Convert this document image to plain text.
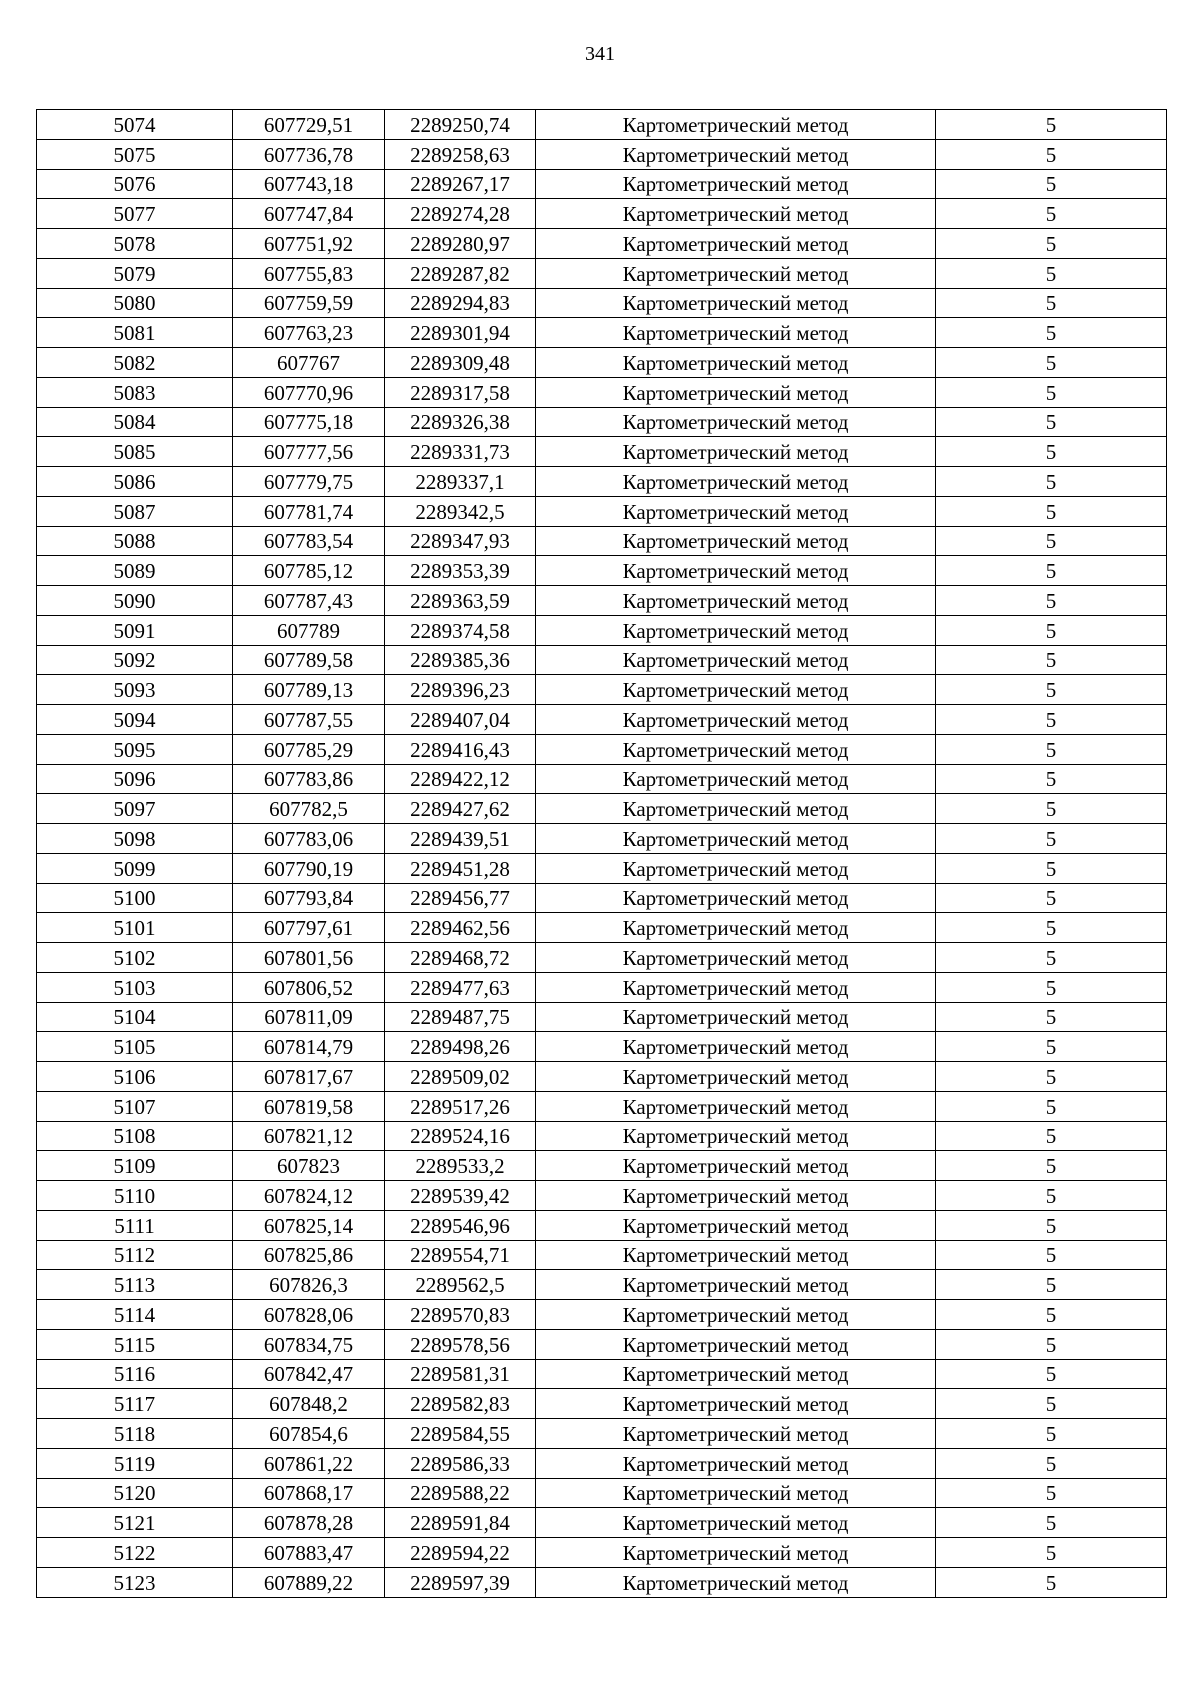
341
5074	607729,51	2289250,74	Картометрический метод	5
5075	607736,78	2289258,63	Картометрический метод	5
5076	607743,18	2289267,17	Картометрический метод	5
5077	607747,84	2289274,28	Картометрический метод	5
5078	607751,92	2289280,97	Картометрический метод	5
5079	607755,83	2289287,82	Картометрический метод	5
5080	607759,59	2289294,83	Картометрический метод	5
5081	607763,23	2289301,94	Картометрический метод	5
5082	607767	2289309,48	Картометрический метод	5
5083	607770,96	2289317,58	Картометрический метод	5
5084	607775,18	2289326,38	Картометрический метод	5
5085	607777,56	2289331,73	Картометрический метод	5
5086	607779,75	2289337,1	Картометрический метод	5
5087	607781,74	2289342,5	Картометрический метод	5
5088	607783,54	2289347,93	Картометрический метод	5
5089	607785,12	2289353,39	Картометрический метод	5
5090	607787,43	2289363,59	Картометрический метод	5
5091	607789	2289374,58	Картометрический метод	5
5092	607789,58	2289385,36	Картометрический метод	5
5093	607789,13	2289396,23	Картометрический метод	5
5094	607787,55	2289407,04	Картометрический метод	5
5095	607785,29	2289416,43	Картометрический метод	5
5096	607783,86	2289422,12	Картометрический метод	5
5097	607782,5	2289427,62	Картометрический метод	5
5098	607783,06	2289439,51	Картометрический метод	5
5099	607790,19	2289451,28	Картометрический метод	5
5100	607793,84	2289456,77	Картометрический метод	5
5101	607797,61	2289462,56	Картометрический метод	5
5102	607801,56	2289468,72	Картометрический метод	5
5103	607806,52	2289477,63	Картометрический метод	5
5104	607811,09	2289487,75	Картометрический метод	5
5105	607814,79	2289498,26	Картометрический метод	5
5106	607817,67	2289509,02	Картометрический метод	5
5107	607819,58	2289517,26	Картометрический метод	5
5108	607821,12	2289524,16	Картометрический метод	5
5109	607823	2289533,2	Картометрический метод	5
5110	607824,12	2289539,42	Картометрический метод	5
5111	607825,14	2289546,96	Картометрический метод	5
5112	607825,86	2289554,71	Картометрический метод	5
5113	607826,3	2289562,5	Картометрический метод	5
5114	607828,06	2289570,83	Картометрический метод	5
5115	607834,75	2289578,56	Картометрический метод	5
5116	607842,47	2289581,31	Картометрический метод	5
5117	607848,2	2289582,83	Картометрический метод	5
5118	607854,6	2289584,55	Картометрический метод	5
5119	607861,22	2289586,33	Картометрический метод	5
5120	607868,17	2289588,22	Картометрический метод	5
5121	607878,28	2289591,84	Картометрический метод	5
5122	607883,47	2289594,22	Картометрический метод	5
5123	607889,22	2289597,39	Картометрический метод	5
